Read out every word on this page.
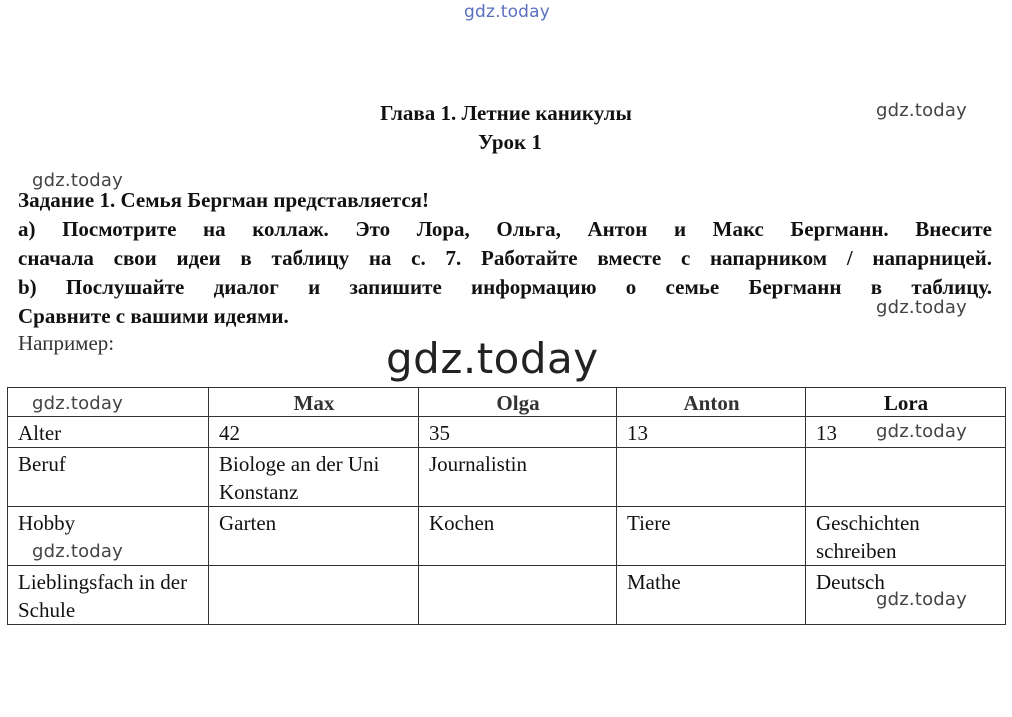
gdz.today
gdz.today
Глава 1. Летние каникулы
Урок 1
gdz.today
Задание 1. Семья Бергман представляется!
а) Посмотрите на коллаж. Это Лора, Ольга, Антон и Макс Бергманн. Внесите
сначала свои идеи в таблицу на с. 7. Работайте вместе с напарником / напарницей.
b) Послушайте диалог и запишите информацию о семье Бергманн в таблицу.
Сравните с вашими идеями.	gdz.today
Например:
	Max	Olga	Anton	Lora
Alter	42	35	13	13
Beruf	Biologe an der Uni Konstanz	Journalistin		
Hobby	Garten	Kochen	Tiere	Geschichten schreiben
Lieblingsfach in der Schule			Mathe	Deutsch
gdz.today
gdz.today
gdz.today
gdz.today
gdz.today
